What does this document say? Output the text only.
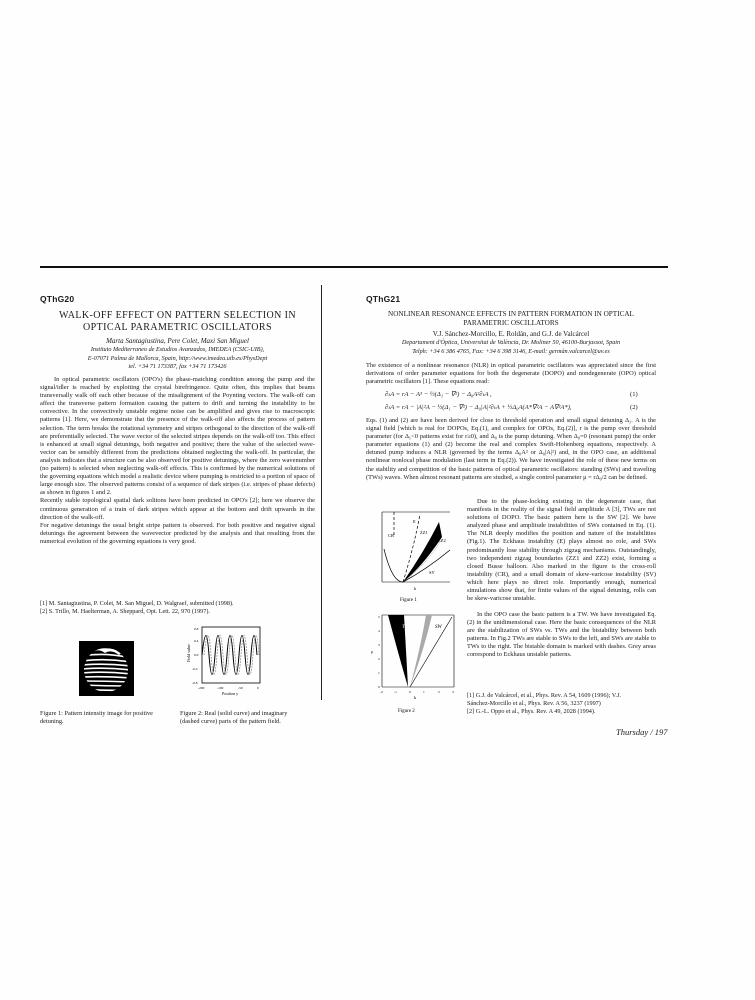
QThG20
WALK-OFF EFFECT ON PATTERN SELECTION IN
OPTICAL PARAMETRIC OSCILLATORS
Marta Santagiustina, Pere Colet, Maxi San Miguel
Instituto Mediterraneo de Estudios Avanzados, IMEDEA (CSIC-UIB),
E-07071 Palma de Mallorca, Spain, http://www.imedea.uib.es/PhysDept
tel. +34 71 173387, fax +34 71 173426

In optical parametric oscillators (OPO's) the phase-matching condition among the pump and the signal/idler is reached by exploiting the crystal birefringence. Quite often, this implies that beams transversally walk off each other because of the misalignment of the Poynting vectors. The walk-off can affect the transverse pattern formation causing the pattern to drift and turning the instability to be convective. In the convectively unstable regime noise can be amplified and gives rise to macroscopic patterns [1]. Here, we demonstrate that the presence of the walk-off also affects the process of pattern selection. The term breaks the rotational symmetry and stripes orthogonal to the direction of the walk-off are preferentially selected. The wave vector of the selected stripes depends on the walk-off too. This effect is enhanced at small signal detunings, both negative and positive; there the value of the selected wave-vector can be sensibly different from the predictions obtained neglecting the walk-off. In particular, the analysis indicates that a structure can be also observed for positive detunings, where the zero wavenumber (no pattern) is selected when neglecting walk-off effects. This is confirmed by the numerical solutions of the governing equations which model a realistic device where pumping is restricted to a portion of space of large enough size. The observed patterns consist of a sequence of dark stripes (i.e. stripes of phase defects) as shown in figures 1 and 2.

Recently stable topological spatial dark solitons have been predicted in OPO's [2]; here we observe the continuous generation of a train of dark stripes which appear at the bottom and drift upwards in the direction of the walk-off.

For negative detunings the usual bright stripe pattern is observed. For both positive and negative signal detunings the agreement between the wavevector predicted by the analysis and that resulting from the numerical evolution of the governing equations is very good.

[1] M. Santagiustina, P. Colet, M. San Miguel, D. Walgraef, submitted (1998).
[2] S. Trillo, M. Haelterman, A. Sheppard, Opt. Lett. 22, 970 (1997).
Figure 1: Pattern intensity image for positive detuning.
Field value
0.8
0.4
0.0
-0.4
-0.8
-200	-100	-50	0
Position y
Figure 2: Real (solid curve) and imaginary (dashed curve) parts of the pattern field.
QThG21
NONLINEAR RESONANCE EFFECTS IN PATTERN FORMATION IN OPTICAL
PARAMETRIC OSCILLATORS
V.J. Sánchez-Morcillo, E. Roldán, and G.J. de Valcárcel
Departament d'Òptica, Universitat de València, Dr. Moliner 50, 46100-Burjassot, Spain
Telph: +34 6 386 4765, Fax: +34 6 398 3146, E-mail: germán.valcarcel@uv.es
The existence of a nonlinear resonance (NLR) in optical parametric oscillators was appreciated since the first derivations of order parameter equations for both the degenerate (DOPO) and nondegenerate (OPO) optical parametric oscillators [1]. These equations read:
∂ₜA = rA − A³ − ½(Δ₁ − ∇²) − Δ₀A²∂ₜA ,	(1)
∂ₜA = rA − |A|²A − ½(Δ₁ − ∇²) − Δ₀|A|²∂ₜA + ½Δ₀A(A*∇²A − A∇²A*),	(2)
Eqs. (1) and (2) are have been derived for close to threshold operation and small signal detuning Δ₁. A is the signal field [which is real for DOPOs, Eq.(1), and complex for OPOs, Eq.(2)], r is the pump over threshold parameter (for Δ₁<0 patterns exist for r≥0), and Δ₀ is the pump detuning. When Δ₀=0 (resonant pump) the order parameter equations (1) and (2) become the real and complex Swift-Hohenberg equations, respectively. A detuned pump induces a NLR (governed by the terms Δ₀A² or Δ₀|A|²) and, in the OPO case, an additional nonlinear nonlocal phase modulation (last term in Eq.(2)). We have investigated the role of these new terms on the stability and competition of the basic patterns of optical parametric oscillators: standing (SWs) and traveling (TWs) waves. When almost resonant patterns are studied, a single control parameter μ = rΔ₀/2 can be defined.
Due to the phase-locking existing in the degenerate case, that manifests in the reality of the signal field amplitude A [3], TWs are not solutions of DOPO. The basic pattern here is the SW [2]. We have analyzed phase and amplitude instabilities of SWs contained in Eq. (1). The NLR deeply modifies the position and nature of the instabilities (Fig.1). The Eckhaus instability (E) plays almost no role, and SWs predominantly lose stability through zigzag mechanisms. Outstandingly, two independent zigzag boundaries (ZZ1 and ZZ2) exist, forming a closed Busse balloon. Also marked in the figure is the cross-roll instability (CR), and a small domain of skew-varicose instability (SV) which here plays no direct role. Importantly enough, numerical simulations show that, for finite values of the signal detuning, rolls can be skew-varicose unstable.
In the OPO case the basic pattern is a TW. We have investigated Eq.(2) in the unidimensional case. Here the basic consequences of the NLR are the stabilization of SWs vs. TWs and the bistability between both patterns. In Fig.2 TWs are stable to SWs to the left, and SWs are stable to TWs to the right. The bistable domain is marked with dashes. Grey areas correspond to Eckhaus unstable patterns.
CR
E
ZZ1
ZZ2
SV
k
Figure 1
TW	SW
μ
5
4
3
2
1
0
-2	-1	0	1	2	3
k
Figure 2
[1] G.J. de Valcárcel, et al., Phys. Rev. A 54, 1609 (1996); V.J.
Sánchez-Morcillo et al., Phys. Rev. A 56, 3237 (1997)
[2] G.-L. Oppo et al., Phys. Rev. A 49, 2028 (1994).
Thursday / 197
